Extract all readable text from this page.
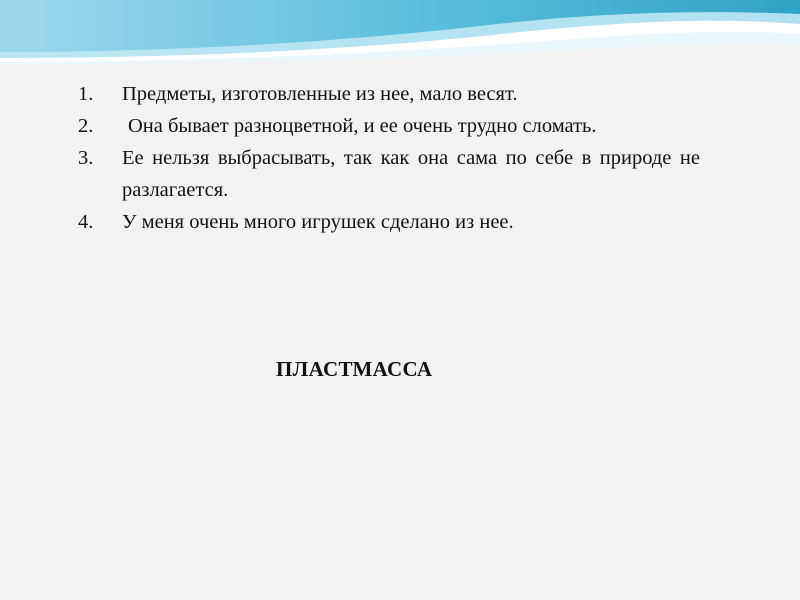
1.	Предметы, изготовленные из нее, мало весят.
2.	Она бывает разноцветной, и ее очень трудно сломать.
3.	Ее нельзя выбрасывать, так как она сама по себе в природе не разлагается.
4.	У меня очень много игрушек сделано из нее.
ПЛАСТМАССА
